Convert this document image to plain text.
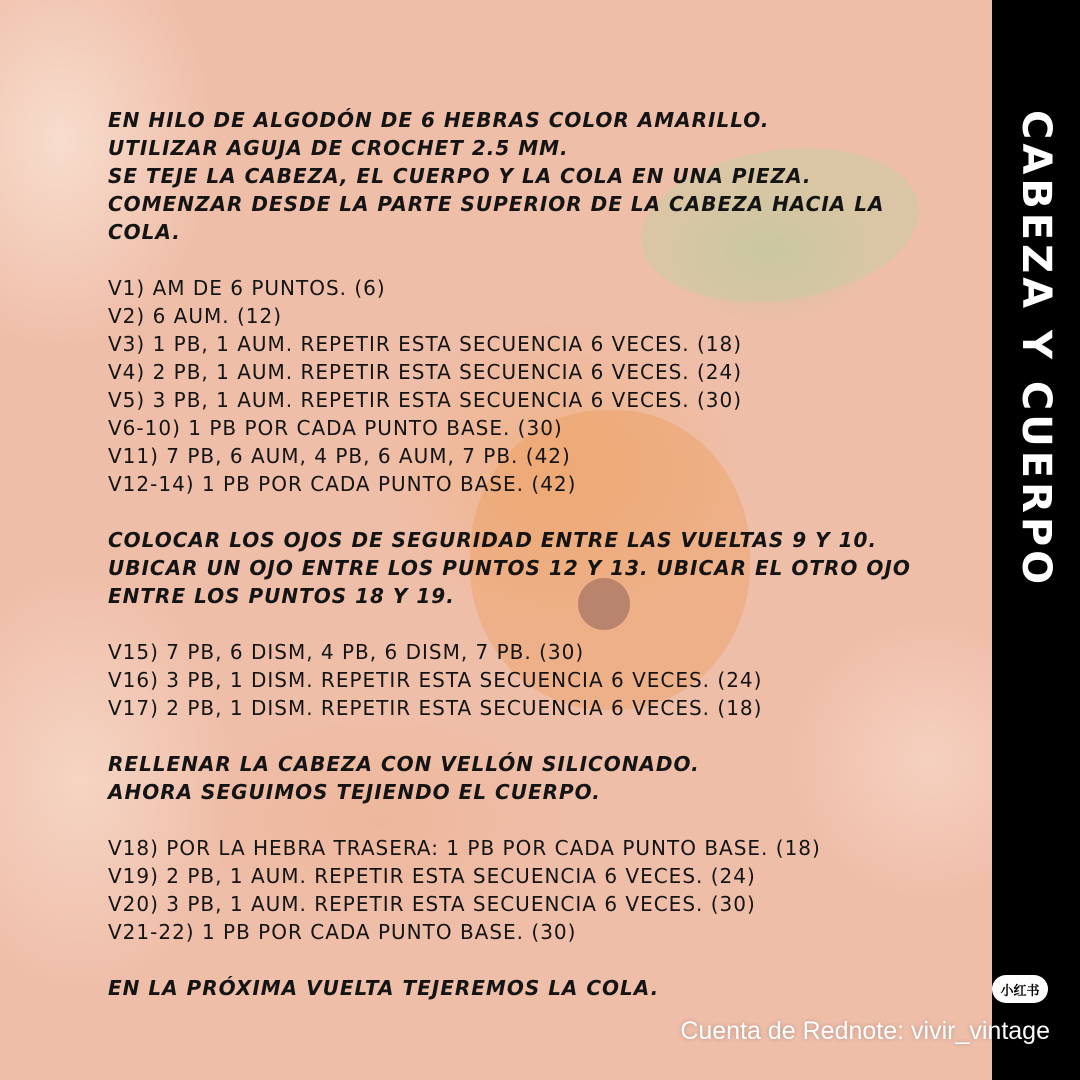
CABEZA Y CUERPO
EN HILO DE ALGODÓN DE 6 HEBRAS COLOR AMARILLO.
UTILIZAR AGUJA DE CROCHET 2.5 MM.
SE TEJE LA CABEZA, EL CUERPO Y LA COLA EN UNA PIEZA.
COMENZAR DESDE LA PARTE SUPERIOR DE LA CABEZA HACIA LA
COLA.
V1) AM DE 6 PUNTOS. (6)
V2) 6 AUM. (12)
V3) 1 PB, 1 AUM. REPETIR ESTA SECUENCIA 6 VECES. (18)
V4) 2 PB, 1 AUM. REPETIR ESTA SECUENCIA 6 VECES. (24)
V5) 3 PB, 1 AUM. REPETIR ESTA SECUENCIA 6 VECES. (30)
V6-10) 1 PB POR CADA PUNTO BASE. (30)
V11) 7 PB, 6 AUM, 4 PB, 6 AUM, 7 PB. (42)
V12-14) 1 PB POR CADA PUNTO BASE. (42)
COLOCAR LOS OJOS DE SEGURIDAD ENTRE LAS VUELTAS 9 Y 10.
UBICAR UN OJO ENTRE LOS PUNTOS 12 Y 13. UBICAR EL OTRO OJO
ENTRE LOS PUNTOS 18 Y 19.
V15) 7 PB, 6 DISM, 4 PB, 6 DISM, 7 PB. (30)
V16) 3 PB, 1 DISM. REPETIR ESTA SECUENCIA 6 VECES. (24)
V17) 2 PB, 1 DISM. REPETIR ESTA SECUENCIA 6 VECES. (18)
RELLENAR LA CABEZA CON VELLÓN SILICONADO.
AHORA SEGUIMOS TEJIENDO EL CUERPO.
V18) POR LA HEBRA TRASERA: 1 PB POR CADA PUNTO BASE. (18)
V19) 2 PB, 1 AUM. REPETIR ESTA SECUENCIA 6 VECES. (24)
V20) 3 PB, 1 AUM. REPETIR ESTA SECUENCIA 6 VECES. (30)
V21-22) 1 PB POR CADA PUNTO BASE. (30)
EN LA PRÓXIMA VUELTA TEJEREMOS LA COLA.	小红书
Cuenta de Rednote: vivir_vintage
